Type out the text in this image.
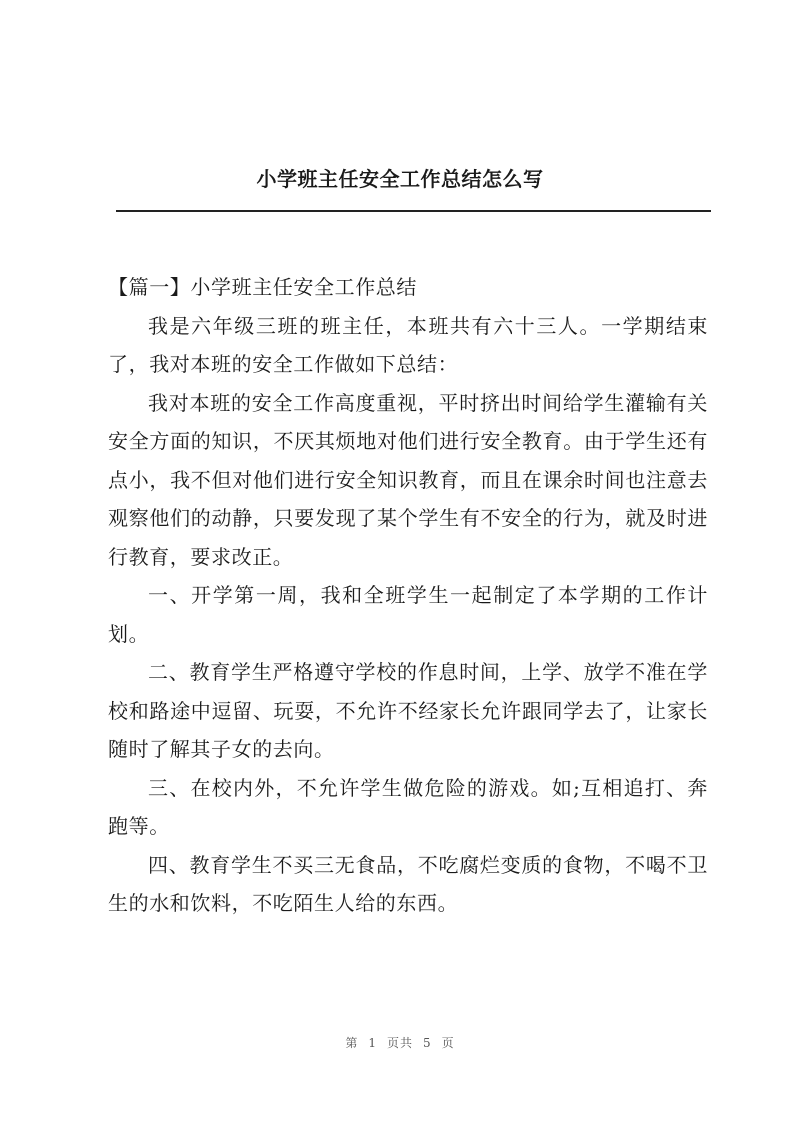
小学班主任安全工作总结怎么写

【篇一】小学班主任安全工作总结

我是六年级三班的班主任，本班共有六十三人。一学期结束了，我对本班的安全工作做如下总结：

我对本班的安全工作高度重视，平时挤出时间给学生灌输有关安全方面的知识，不厌其烦地对他们进行安全教育。由于学生还有点小，我不但对他们进行安全知识教育，而且在课余时间也注意去观察他们的动静，只要发现了某个学生有不安全的行为，就及时进行教育，要求改正。

一、开学第一周，我和全班学生一起制定了本学期的工作计划。

二、教育学生严格遵守学校的作息时间，上学、放学不准在学校和路途中逗留、玩耍，不允许不经家长允许跟同学去了，让家长随时了解其子女的去向。

三、在校内外，不允许学生做危险的游戏。如;互相追打、奔跑等。

四、教育学生不买三无食品，不吃腐烂变质的食物，不喝不卫生的水和饮料，不吃陌生人给的东西。

第 1 页共 5 页
